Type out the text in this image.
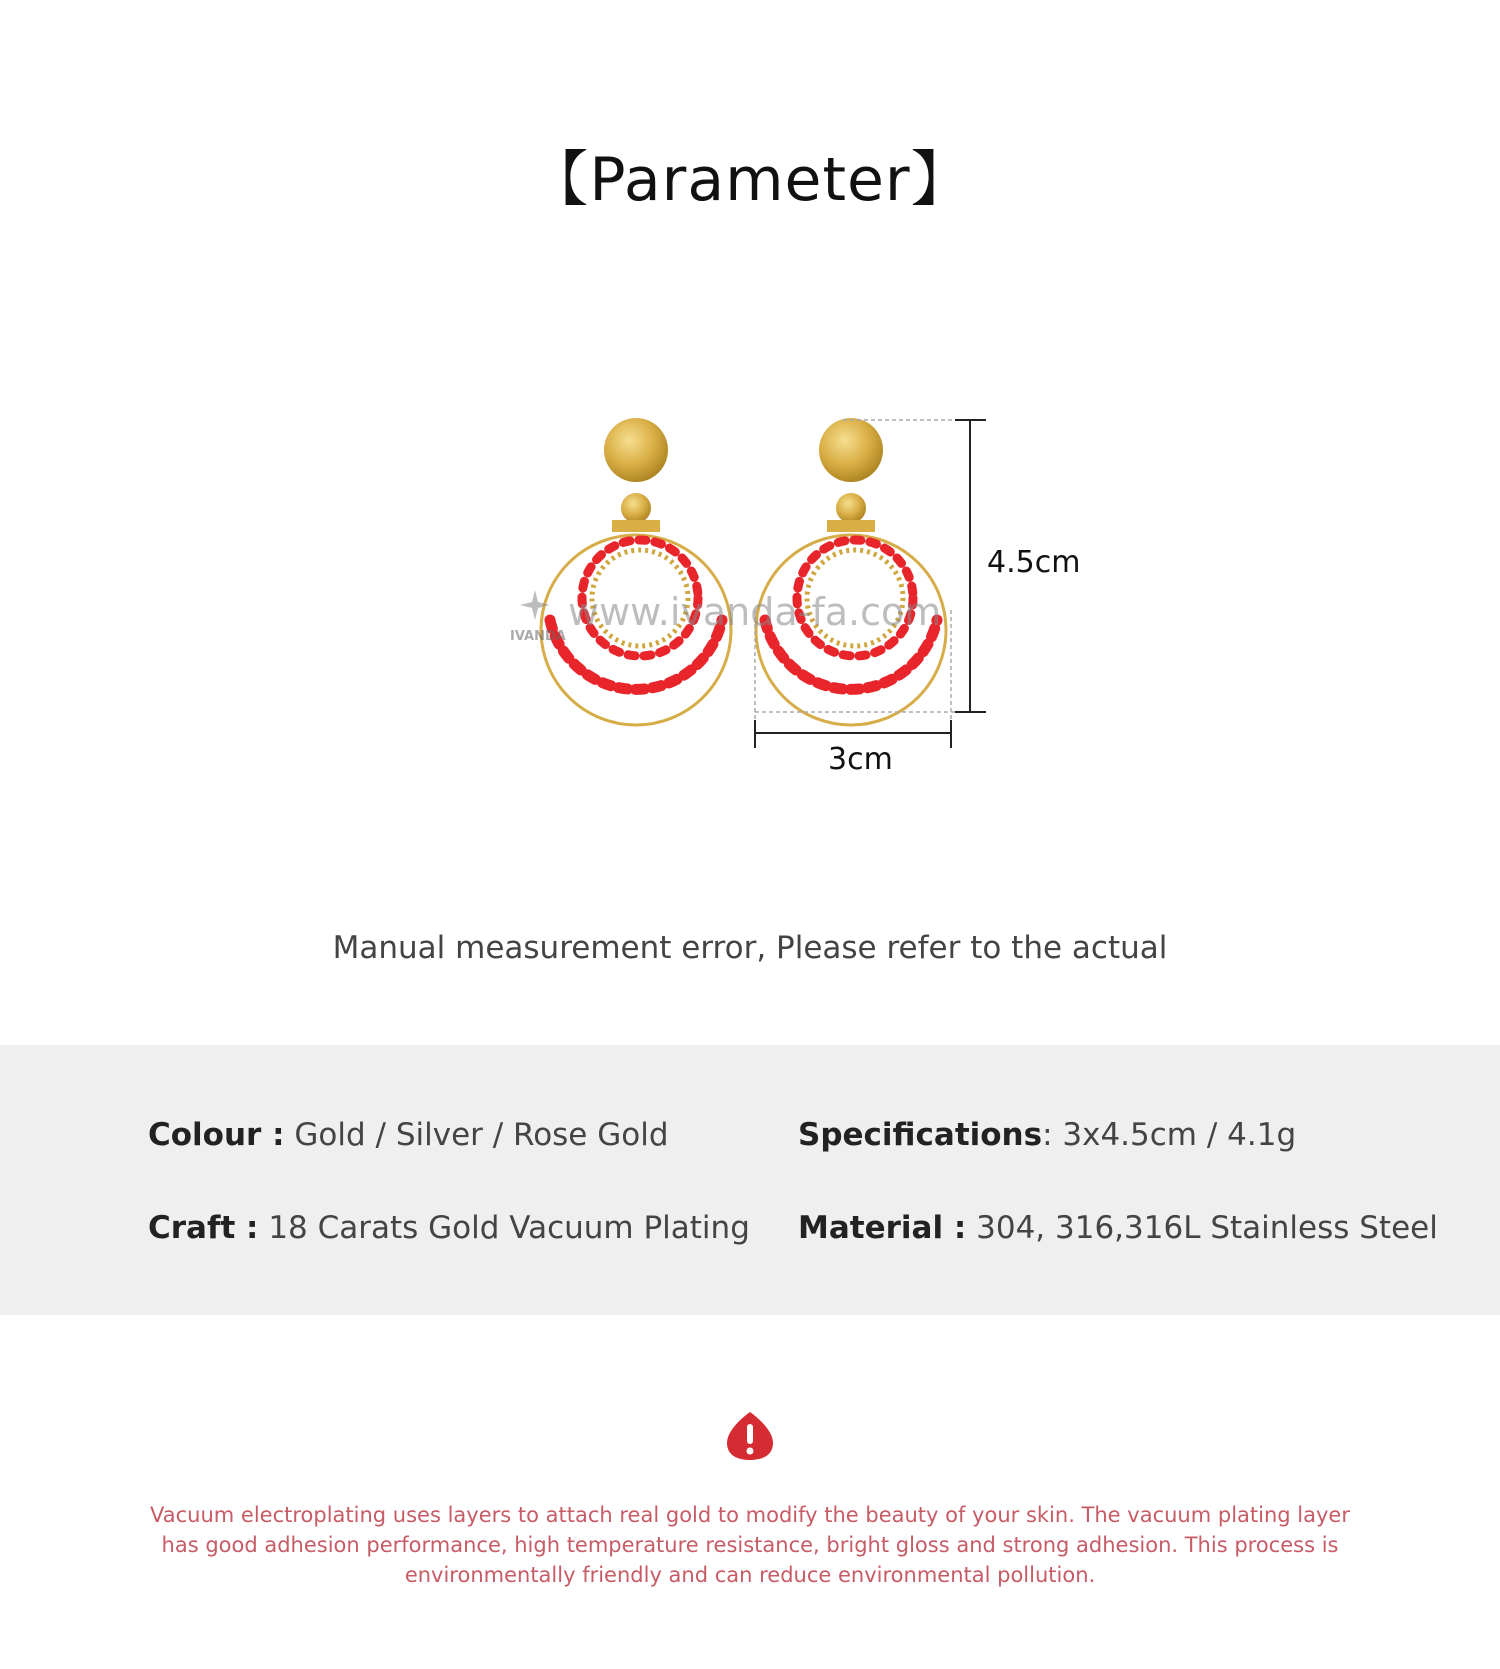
【Parameter】
IVANDA
www.ivanda-fa.com
4.5cm
3cm
Manual measurement error, Please refer to the actual
Colour : Gold / Silver / Rose Gold	Specifications: 3x4.5cm / 4.1g
Craft : 18 Carats Gold Vacuum Plating Material : 304, 316,316L Stainless Steel

Vacuum electroplating uses layers to attach real gold to modify the beauty of your skin. The vacuum plating layer has good adhesion performance, high temperature resistance, bright gloss and strong adhesion. This process is environmentally friendly and can reduce environmental pollution.
